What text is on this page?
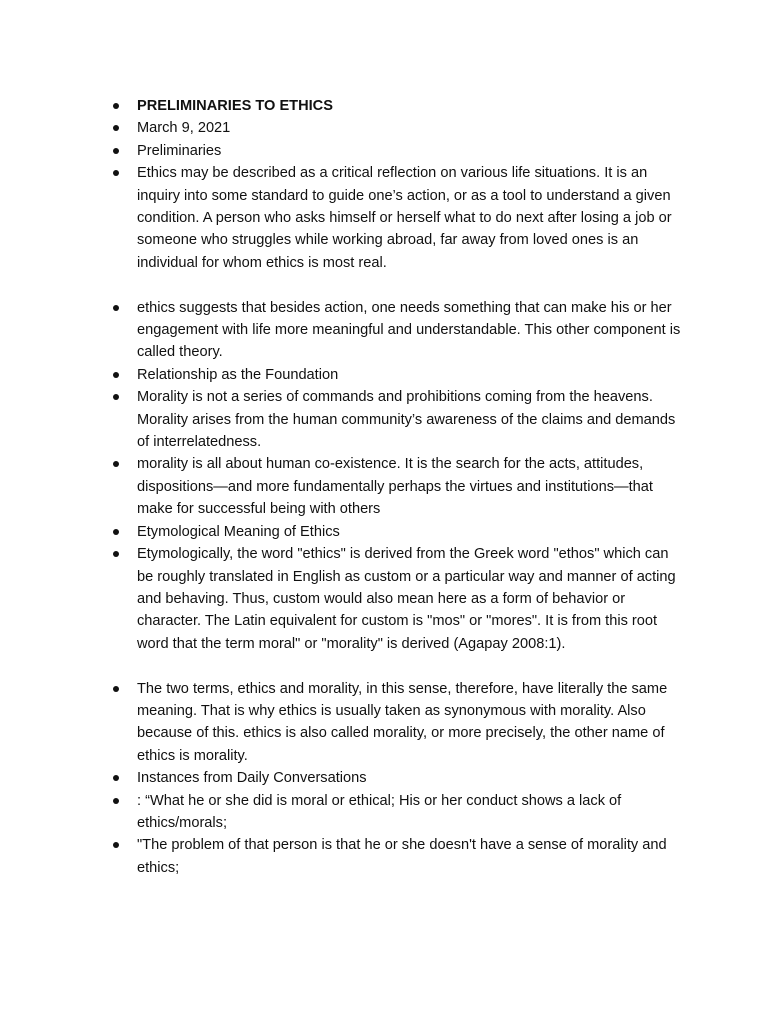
PRELIMINARIES TO ETHICS
March 9, 2021
Preliminaries
Ethics may be described as a critical reflection on various life situations. It is an inquiry into some standard to guide one’s action, or as a tool to understand a given condition. A person who asks himself or herself what to do next after losing a job or someone who struggles while working abroad, far away from loved ones is an individual for whom ethics is most real.
ethics suggests that besides action, one needs something that can make his or her engagement with life more meaningful and understandable. This other component is called theory.
Relationship as the Foundation
Morality is not a series of commands and prohibitions coming from the heavens. Morality arises from the human community’s awareness of the claims and demands of interrelatedness.
morality is all about human co-existence. It is the search for the acts, attitudes, dispositions—and more fundamentally perhaps the virtues and institutions—that make for successful being with others
Etymological Meaning of Ethics
Etymologically, the word "ethics" is derived from the Greek word "ethos" which can be roughly translated in English as custom or a particular way and manner of acting and behaving. Thus, custom would also mean here as a form of behavior or character. The Latin equivalent for custom is "mos" or "mores". It is from this root word that the term moral" or "morality" is derived (Agapay 2008:1).
The two terms, ethics and morality, in this sense, therefore, have literally the same meaning. That is why ethics is usually taken as synonymous with morality. Also because of this. ethics is also called morality, or more precisely, the other name of ethics is morality.
Instances from Daily Conversations
: “What he or she did is moral or ethical; His or her conduct shows a lack of ethics/morals;
"The problem of that person is that he or she doesn't have a sense of morality and ethics;
